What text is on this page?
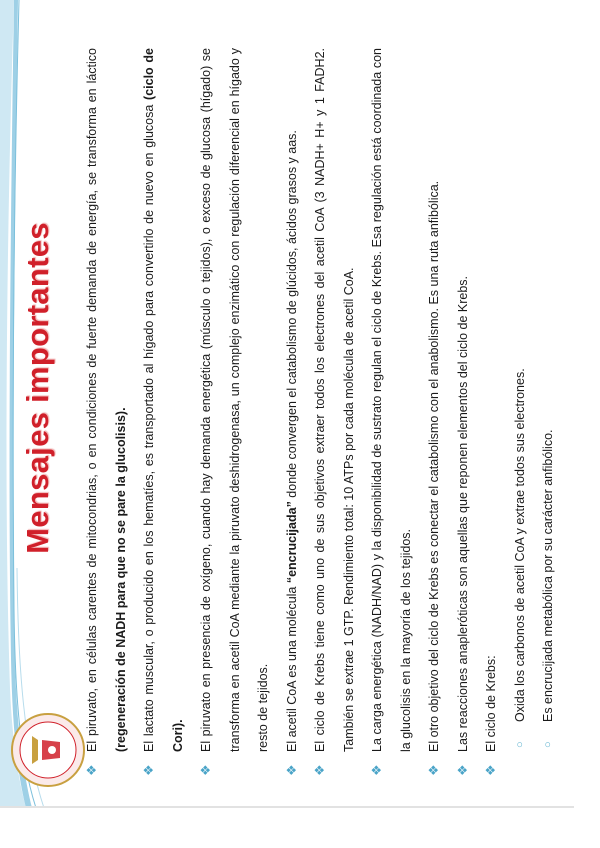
Mensajes importantes
❖
El piruvato, en células carentes de mitocondrias, o en condiciones de fuerte demanda de energía, se transforma en láctico (regeneración de NADH para que no se pare la glucolisis).
❖
El lactato muscular, o producido en los hematíes, es transportado al hígado para convertirlo de nuevo en glucosa (ciclo de Cori).
❖
El piruvato en presencia de oxígeno, cuando hay demanda energética (músculo o tejidos), o exceso de glucosa (hígado) se transforma en acetil CoA mediante la piruvato deshidrogenasa, un complejo enzimático con regulación diferencial en hígado y resto de tejidos.
❖
El acetil CoA es una molécula “encrucijada” donde convergen el catabolismo de glúcidos, ácidos grasos y aas.
❖
El ciclo de Krebs tiene como uno de sus objetivos extraer todos los electrones del acetil CoA (3 NADH+ H+ y 1 FADH2. También se extrae 1 GTP. Rendimiento total: 10 ATPs por cada molécula de acetil CoA.
❖
La carga energética (NADH/NAD) y la disponibilidad de sustrato regulan el ciclo de Krebs. Esa regulación está coordinada con la glucolisis en la mayoría de los tejidos.
❖
El otro objetivo del ciclo de Krebs es conectar el catabolismo con el anabolismo. Es una ruta anfibólica.
❖
Las reacciones anapleróticas son aquellas que reponen elementos del ciclo de Krebs.
❖
El ciclo de Krebs:	○
Oxida los carbonos de acetil CoA y extrae todos sus electrones.
○
Es encrucijada metabólica por su carácter anfibólico.
